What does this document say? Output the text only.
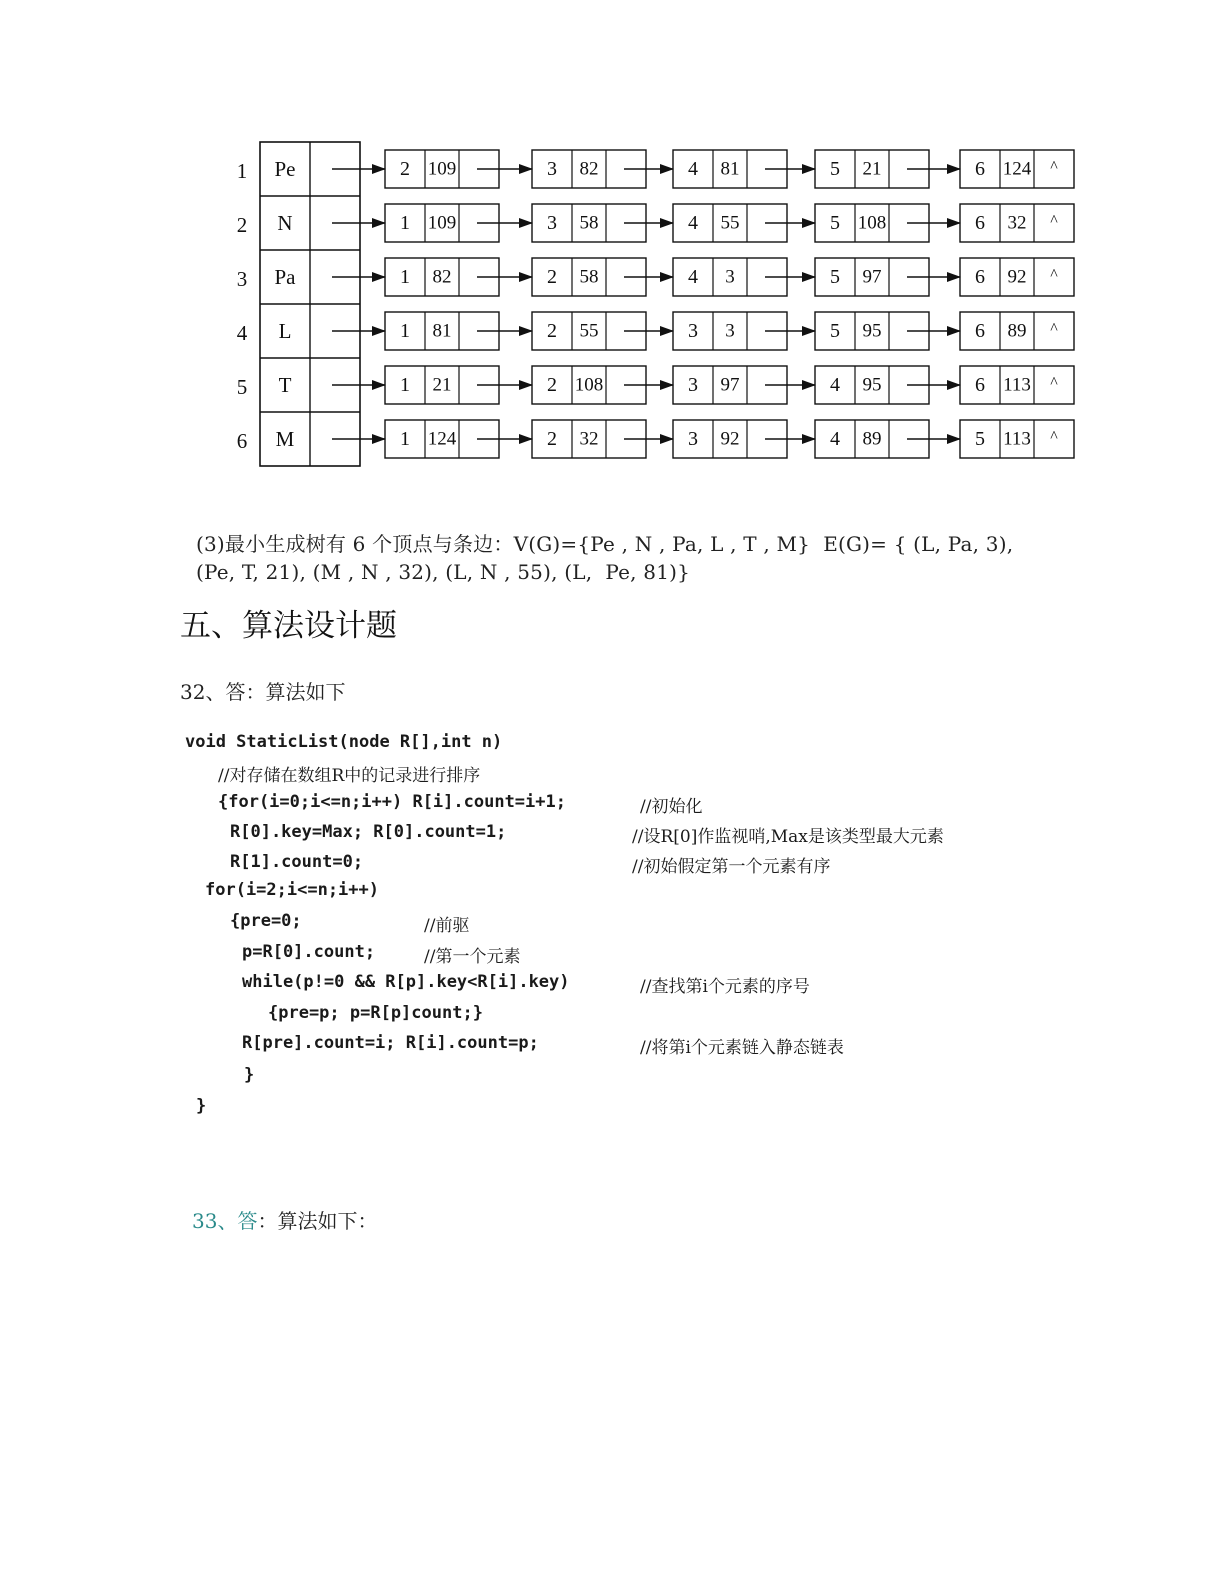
1 Pe	2 109	3 82	4 81	5 21	6 124 ^
2 N	1 109	3 58	4 55	5 108	6 32 ^
3 Pa	1 82	2 58	4 3	5 97	6 92 ^
4 L	1 81	2 55	3 3	5 95	6 89 ^
5 T	1 21	2 108	3 97	4 95	6 113 ^
6 M	1 124	2 32	3 92	4 89	5 113 ^
(3)最小生成树有 6 个顶点与条边：V(G)={Pe , N , Pa, L , T , M}  E(G)= { (L, Pa, 3),
(Pe, T, 21), (M , N , 32), (L, N , 55), (L,  Pe, 81)}
五、算法设计题
32、答：算法如下
void StaticList(node R[],int n)
//对存储在数组R中的记录进行排序
{for(i=0;i<=n;i++) R[i].count=i+1;	//初始化
R[0].key=Max; R[0].count=1;	//设R[0]作监视哨,Max是该类型最大元素
R[1].count=0;	//初始假定第一个元素有序
for(i=2;i<=n;i++)
{pre=0;	//前驱
p=R[0].count;	//第一个元素
while(p!=0 && R[p].key<R[i].key)	//查找第i个元素的序号
{pre=p; p=R[p]count;}
R[pre].count=i; R[i].count=p;	//将第i个元素链入静态链表
}
}
33、答：算法如下：
